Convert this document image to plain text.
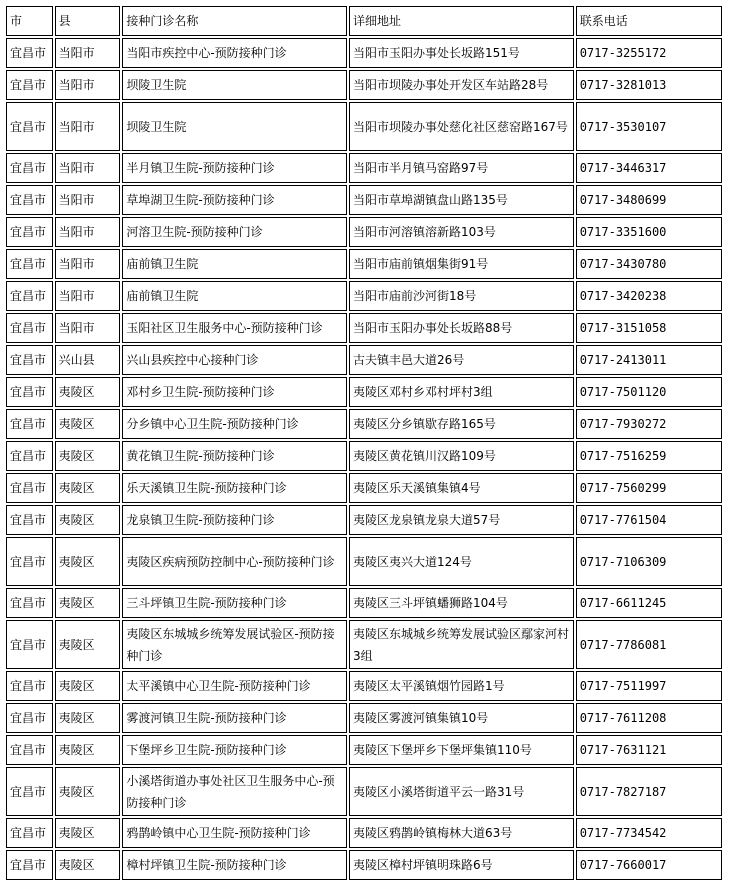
市	县	接种门诊名称	详细地址	联系电话
宜昌市	当阳市	当阳市疾控中心-预防接种门诊	当阳市玉阳办事处长坂路151号	0717-3255172
宜昌市	当阳市	坝陵卫生院	当阳市坝陵办事处开发区车站路28号	0717-3281013
宜昌市	当阳市	坝陵卫生院	当阳市坝陵办事处慈化社区慈窑路167号	0717-3530107
宜昌市	当阳市	半月镇卫生院-预防接种门诊	当阳市半月镇马窑路97号	0717-3446317
宜昌市	当阳市	草埠湖卫生院-预防接种门诊	当阳市草埠湖镇盘山路135号	0717-3480699
宜昌市	当阳市	河溶卫生院-预防接种门诊	当阳市河溶镇溶新路103号	0717-3351600
宜昌市	当阳市	庙前镇卫生院	当阳市庙前镇烟集街91号	0717-3430780
宜昌市	当阳市	庙前镇卫生院	当阳市庙前沙河街18号	0717-3420238
宜昌市	当阳市	玉阳社区卫生服务中心-预防接种门诊	当阳市玉阳办事处长坂路88号	0717-3151058
宜昌市	兴山县	兴山县疾控中心接种门诊	古夫镇丰邑大道26号	0717-2413011
宜昌市	夷陵区	邓村乡卫生院-预防接种门诊	夷陵区邓村乡邓村坪村3组	0717-7501120
宜昌市	夷陵区	分乡镇中心卫生院-预防接种门诊	夷陵区分乡镇歇存路165号	0717-7930272
宜昌市	夷陵区	黄花镇卫生院-预防接种门诊	夷陵区黄花镇川汉路109号	0717-7516259
宜昌市	夷陵区	乐天溪镇卫生院-预防接种门诊	夷陵区乐天溪镇集镇4号	0717-7560299
宜昌市	夷陵区	龙泉镇卫生院-预防接种门诊	夷陵区龙泉镇龙泉大道57号	0717-7761504
宜昌市	夷陵区	夷陵区疾病预防控制中心-预防接种门诊	夷陵区夷兴大道124号	0717-7106309
宜昌市	夷陵区	三斗坪镇卫生院-预防接种门诊	夷陵区三斗坪镇蟠狮路104号	0717-6611245
宜昌市	夷陵区	夷陵区东城城乡统筹发展试验区-预防接种门诊	夷陵区东城城乡统筹发展试验区鄢家河村3组	0717-7786081
宜昌市	夷陵区	太平溪镇中心卫生院-预防接种门诊	夷陵区太平溪镇烟竹园路1号	0717-7511997
宜昌市	夷陵区	雾渡河镇卫生院-预防接种门诊	夷陵区雾渡河镇集镇10号	0717-7611208
宜昌市	夷陵区	下堡坪乡卫生院-预防接种门诊	夷陵区下堡坪乡下堡坪集镇110号	0717-7631121
宜昌市	夷陵区	小溪塔街道办事处社区卫生服务中心-预防接种门诊	夷陵区小溪塔街道平云一路31号	0717-7827187
宜昌市	夷陵区	鸦鹊岭镇中心卫生院-预防接种门诊	夷陵区鸦鹊岭镇梅林大道63号	0717-7734542
宜昌市	夷陵区	樟村坪镇卫生院-预防接种门诊	夷陵区樟村坪镇明珠路6号	0717-7660017
